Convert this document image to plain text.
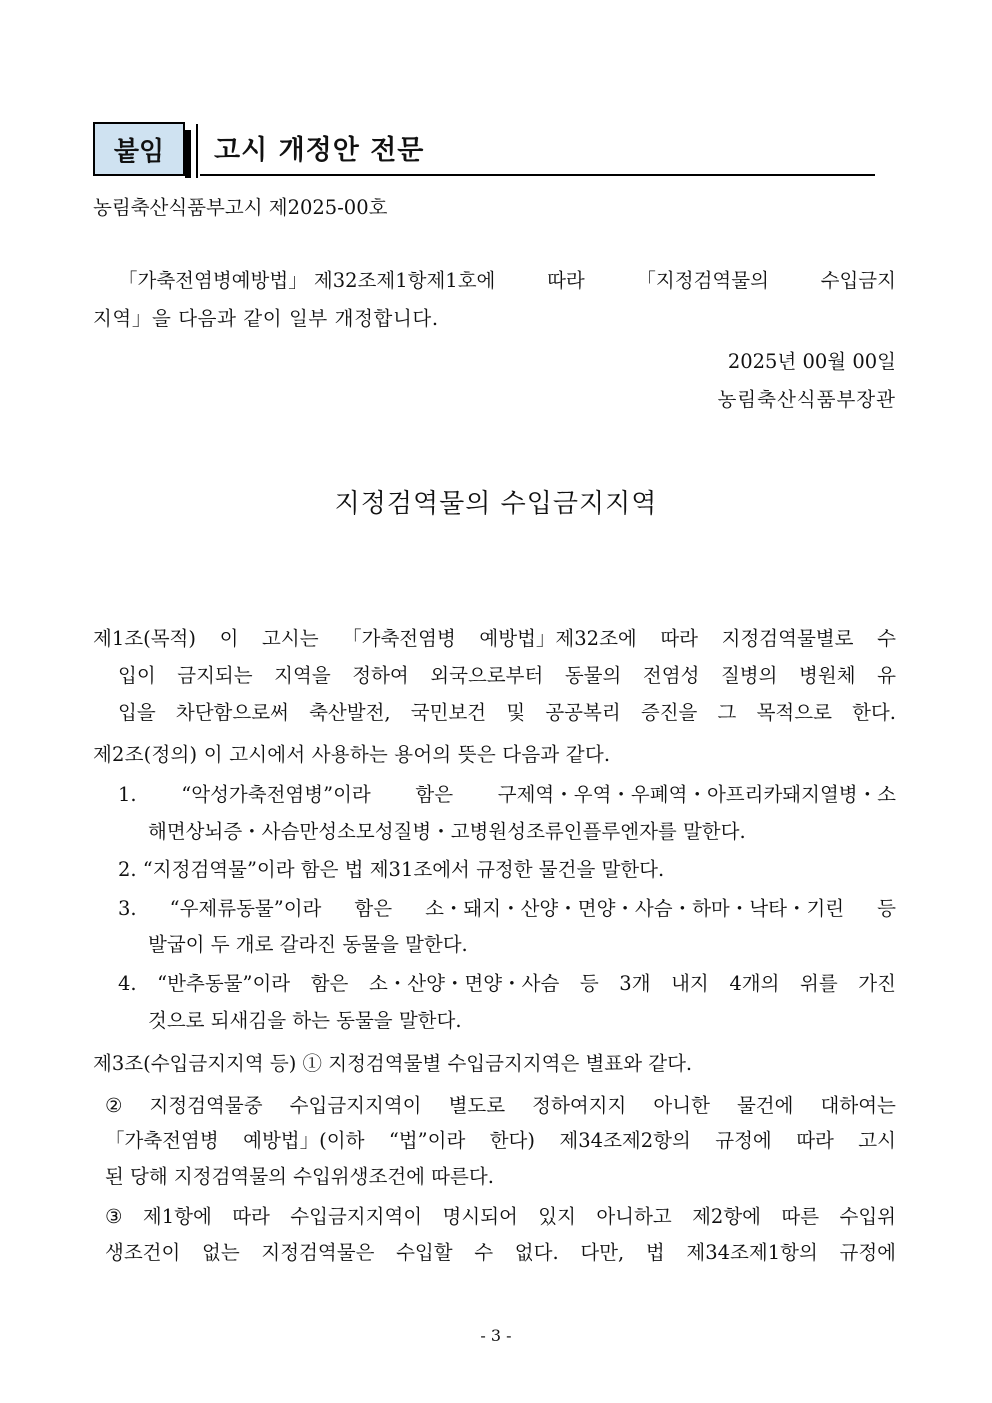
붙임	고시 개정안 전문
농림축산식품부고시 제2025-00호
「가축전염병예방법」 제32조제1항제1호에	따라	「지정검역물의	수입금지
지역」을 다음과 같이 일부 개정합니다.
2025년 00월 00일
농림축산식품부장관
지정검역물의 수입금지지역
제1조(목적) 이 고시는 「가축전염병 예방법」제32조에 따라 지정검역물별로 수
입이 금지되는 지역을 정하여 외국으로부터 동물의 전염성 질병의 병원체 유
입을 차단함으로써 축산발전, 국민보건 및 공공복리 증진을 그 목적으로 한다.
제2조(정의) 이 고시에서 사용하는 용어의 뜻은 다음과 같다.
1. “악성가축전염병”이라 함은 구제역・우역・우폐역・아프리카돼지열병・소
해면상뇌증・사슴만성소모성질병・고병원성조류인플루엔자를 말한다.
2. “지정검역물”이라 함은 법 제31조에서 규정한 물건을 말한다.
3. “우제류동물”이라 함은 소・돼지・산양・면양・사슴・하마・낙타・기린 등
발굽이 두 개로 갈라진 동물을 말한다.
4. “반추동물”이라 함은 소・산양・면양・사슴 등 3개 내지 4개의 위를 가진
것으로 되새김을 하는 동물을 말한다.
제3조(수입금지지역 등) ① 지정검역물별 수입금지지역은 별표와 같다.
② 지정검역물중 수입금지지역이 별도로 정하여지지 아니한 물건에 대하여는
「가축전염병 예방법」(이하 “법”이라 한다) 제34조제2항의 규정에 따라 고시
된 당해 지정검역물의 수입위생조건에 따른다.
③ 제1항에 따라 수입금지지역이 명시되어 있지 아니하고 제2항에 따른 수입위
생조건이 없는 지정검역물은 수입할 수 없다. 다만, 법 제34조제1항의 규정에
- 3 -
